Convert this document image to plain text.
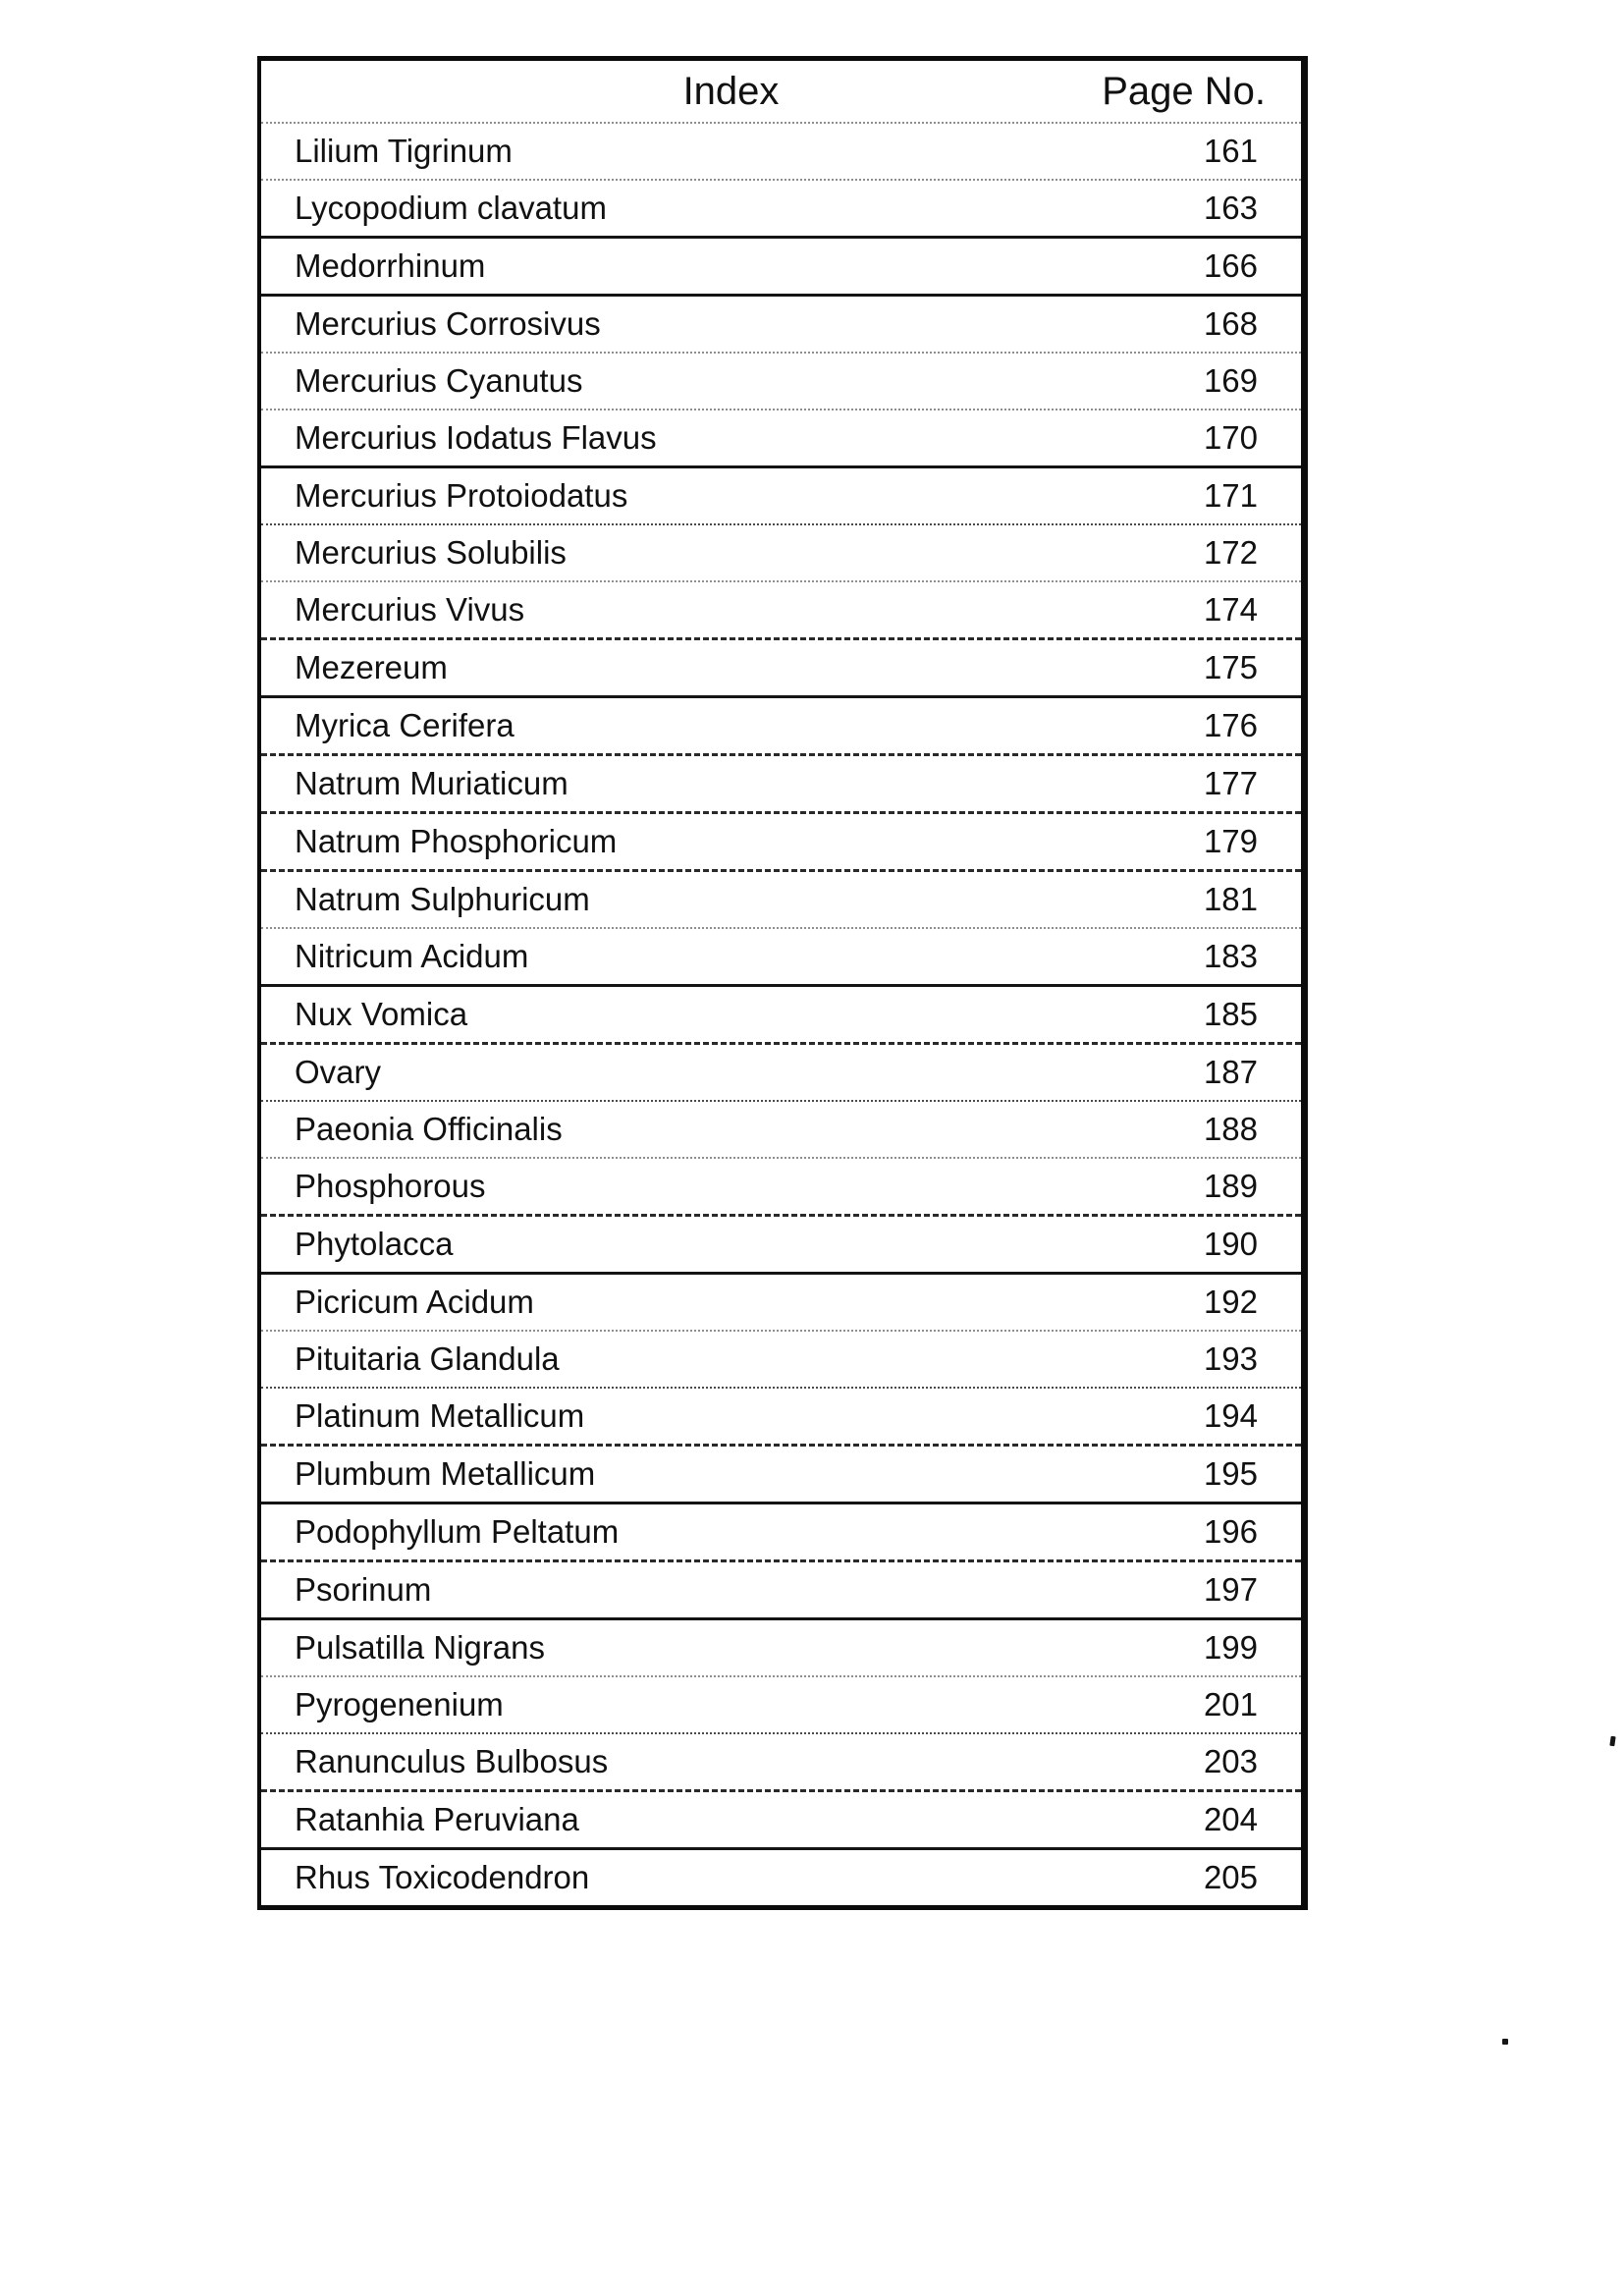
Index	Page No.
Lilium Tigrinum	161
Lycopodium clavatum	163
Medorrhinum	166
Mercurius Corrosivus	168
Mercurius Cyanutus	169
Mercurius Iodatus Flavus	170
Mercurius Protoiodatus	171
Mercurius Solubilis	172
Mercurius Vivus	174
Mezereum	175
Myrica Cerifera	176
Natrum Muriaticum	177
Natrum Phosphoricum	179
Natrum Sulphuricum	181
Nitricum Acidum	183
Nux Vomica	185
Ovary	187
Paeonia Officinalis	188
Phosphorous	189
Phytolacca	190
Picricum Acidum	192
Pituitaria Glandula	193
Platinum Metallicum	194
Plumbum Metallicum	195
Podophyllum Peltatum	196
Psorinum	197
Pulsatilla Nigrans	199
Pyrogenenium	201
Ranunculus Bulbosus	203
Ratanhia Peruviana	204
Rhus Toxicodendron	205
